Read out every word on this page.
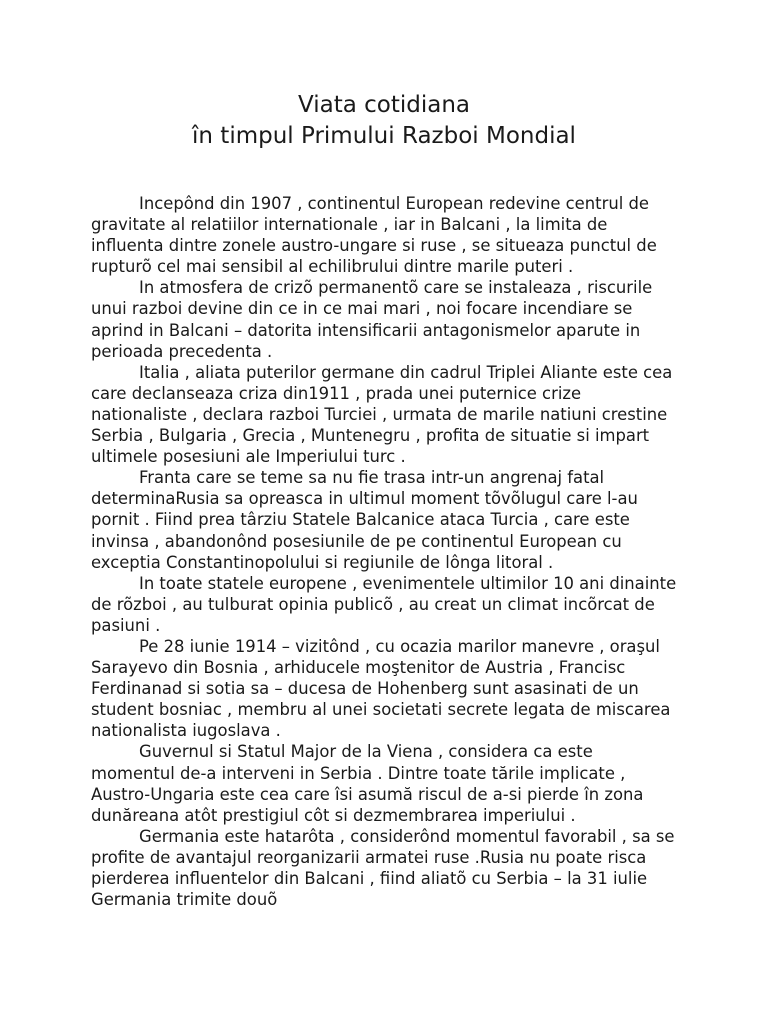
Viata cotidiana
în timpul Primului Razboi Mondial

Incepônd din 1907 , continentul European redevine centrul de gravitate al relatiilor internationale , iar in Balcani , la limita de influenta dintre zonele austro-ungare si ruse , se situeaza punctul de rupturõ cel mai sensibil al echilibrului dintre marile puteri .

In atmosfera de crizõ permanentõ care se instaleaza , riscurile unui razboi devine din ce in ce mai mari , noi focare incendiare se aprind in Balcani – datorita intensificarii antagonismelor aparute in perioada precedenta .

Italia , aliata puterilor germane din cadrul Triplei Aliante este cea care declanseaza criza din1911 , prada unei puternice crize nationaliste , declara razboi Turciei , urmata de marile natiuni crestine Serbia , Bulgaria , Grecia , Muntenegru , profita de situatie si impart ultimele posesiuni ale Imperiului turc .

Franta care se teme sa nu fie trasa intr-un angrenaj fatal determinaRusia sa opreasca in ultimul moment tõvõlugul care l-au pornit . Fiind prea târziu Statele Balcanice ataca Turcia , care este invinsa , abandonônd posesiunile de pe continentul European cu exceptia Constantinopolului si regiunile de lônga litoral .

In toate statele europene , evenimentele ultimilor 10 ani dinainte de rõzboi , au tulburat opinia publicõ , au creat un climat incõrcat de pasiuni .

Pe 28 iunie 1914 – vizitônd , cu ocazia marilor manevre , oraşul Sarayevo din Bosnia , arhiducele moştenitor de Austria , Francisc Ferdinanad si sotia sa – ducesa de Hohenberg sunt asasinati de un student bosniac , membru al unei societati secrete legata de miscarea nationalista iugoslava .

Guvernul si Statul Major de la Viena , considera ca este momentul de-a interveni in Serbia . Dintre toate tările implicate , Austro-Ungaria este cea care îsi asumă riscul de a-si pierde în zona dunăreana atôt prestigiul côt si dezmembrarea imperiului .

Germania este hatarôta , considerônd momentul favorabil , sa se profite de avantajul reorganizarii armatei ruse .Rusia nu poate risca pierderea influentelor din Balcani , fiind aliatõ cu Serbia – la 31 iulie Germania trimite douõ
